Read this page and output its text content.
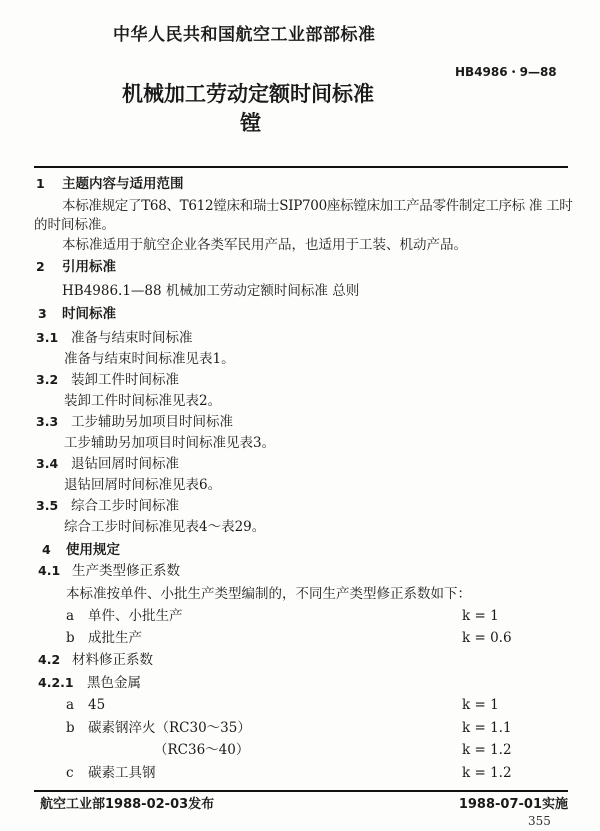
中华人民共和国航空工业部部标准
HB4986・9—88
机械加工劳动定额时间标准
镗
1 主题内容与适用范围
本标准规定了T68、T612镗床和瑞士SIP700座标镗床加工产品零件制定工序标 准 工时
的时间标准。
本标准适用于航空企业各类军民用产品，也适用于工装、机动产品。
2 引用标准
HB4986.1—88 机械加工劳动定额时间标准 总则
3 时间标准
3.1 准备与结束时间标准
准备与结束时间标准见表1。
3.2 装卸工件时间标准
装卸工件时间标准见表2。
3.3 工步辅助另加项目时间标准
工步辅助另加项目时间标准见表3。
3.4 退钻回屑时间标准
退钻回屑时间标准见表6。
3.5 综合工步时间标准
综合工步时间标准见表4～表29。
4 使用规定
4.1 生产类型修正系数
本标准按单件、小批生产类型编制的，不同生产类型修正系数如下：
a 单件、小批生产	k = 1
b 成批生产	k = 0.6
4.2 材料修正系数
4.2.1 黑色金属
a 45	k = 1
b 碳素钢淬火（RC30～35）	k = 1.1
（RC36～40）	k = 1.2
c 碳素工具钢	k = 1.2
航空工业部1988-02-03发布	1988-07-01实施
355
